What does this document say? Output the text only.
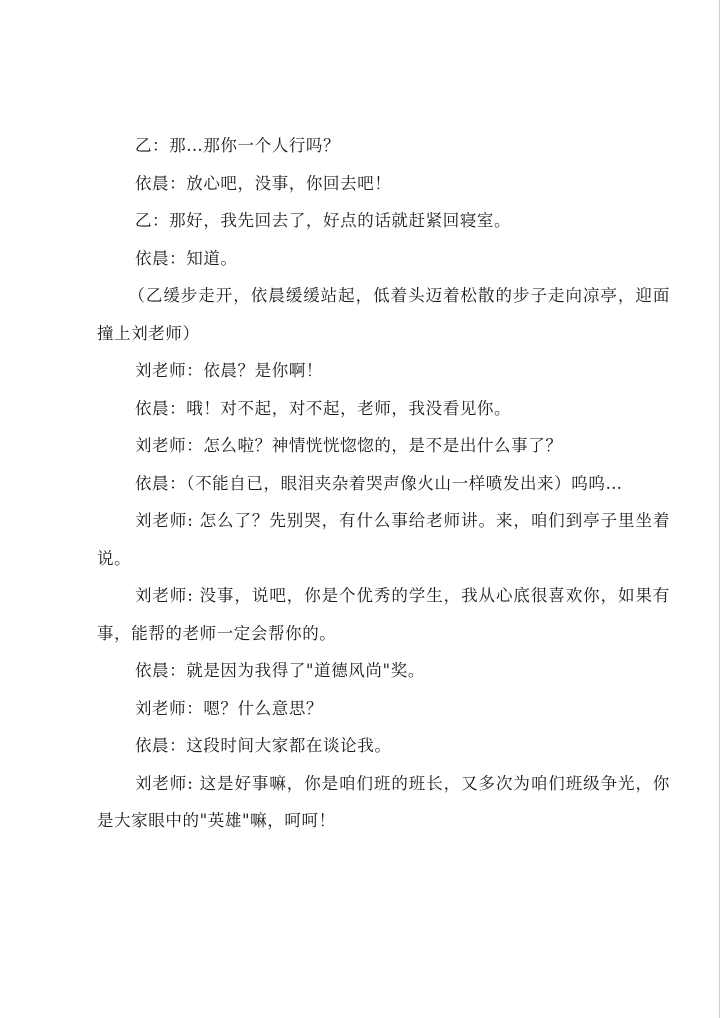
乙：那…那你一个人行吗？

依晨：放心吧，没事，你回去吧！

乙：那好，我先回去了，好点的话就赶紧回寝室。

依晨：知道。

（乙缓步走开，依晨缓缓站起，低着头迈着松散的步子走向凉亭，迎面撞上刘老师）

刘老师：依晨？是你啊！

依晨：哦！对不起，对不起，老师，我没看见你。

刘老师：怎么啦？神情恍恍惚惚的，是不是出什么事了？

依晨：（不能自已，眼泪夹杂着哭声像火山一样喷发出来）呜呜…

刘老师: 怎么了？先别哭，有什么事给老师讲。来，咱们到亭子里坐着说。

刘老师: 没事，说吧，你是个优秀的学生，我从心底很喜欢你，如果有事，能帮的老师一定会帮你的。

依晨：就是因为我得了"道德风尚"奖。

刘老师：嗯？什么意思？

依晨：这段时间大家都在谈论我。

刘老师: 这是好事嘛，你是咱们班的班长，又多次为咱们班级争光，你是大家眼中的"英雄"嘛，呵呵！
